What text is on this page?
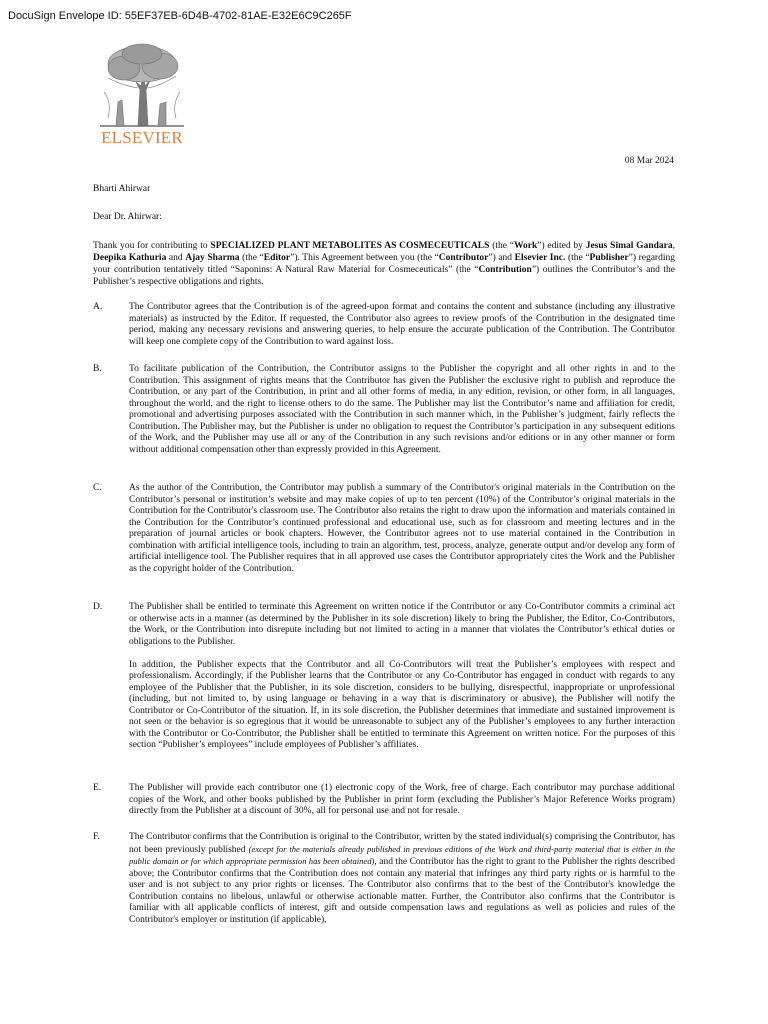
DocuSign Envelope ID: 55EF37EB-6D4B-4702-81AE-E32E6C9C265F
ELSEVIER
08 Mar 2024
Bharti Ahirwar
Dear Dr. Ahirwar:
Thank you for contributing to SPECIALIZED PLANT METABOLITES AS COSMECEUTICALS (the “Work”) edited by Jesus Simal Gandara, Deepika Kathuria and Ajay Sharma (the “Editor”). This Agreement between you (the “Contributor”) and Elsevier Inc. (the “Publisher”) regarding your contribution tentatively titled “Saponins: A Natural Raw Material for Cosmeceuticals” (the “Contribution”) outlines the Contributor’s and the Publisher’s respective obligations and rights.
A.	The Contributor agrees that the Contribution is of the agreed-upon format and contains the content and substance (including any illustrative materials) as instructed by the Editor. If requested, the Contributor also agrees to review proofs of the Contribution in the designated time period, making any necessary revisions and answering queries, to help ensure the accurate publication of the Contribution. The Contributor will keep one complete copy of the Contribution to ward against loss.
B.	To facilitate publication of the Contribution, the Contributor assigns to the Publisher the copyright and all other rights in and to the Contribution. This assignment of rights means that the Contributor has given the Publisher the exclusive right to publish and reproduce the Contribution, or any part of the Contribution, in print and all other forms of media, in any edition, revision, or other form, in all languages, throughout the world, and the right to license others to do the same. The Publisher may list the Contributor’s name and affiliation for credit, promotional and advertising purposes associated with the Contribution in such manner which, in the Publisher’s judgment, fairly reflects the Contribution. The Publisher may, but the Publisher is under no obligation to request the Contributor’s participation in any subsequent editions of the Work, and the Publisher may use all or any of the Contribution in any such revisions and/or editions or in any other manner or form without additional compensation other than expressly provided in this Agreement.
C.	As the author of the Contribution, the Contributor may publish a summary of the Contributor's original materials in the Contribution on the Contributor’s personal or institution’s website and may make copies of up to ten percent (10%) of the Contributor’s original materials in the Contribution for the Contributor's classroom use. The Contributor also retains the right to draw upon the information and materials contained in the Contribution for the Contributor’s continued professional and educational use, such as for classroom and meeting lectures and in the preparation of journal articles or book chapters. However, the Contributor agrees not to use material contained in the Contribution in combination with artificial intelligence tools, including to train an algorithm, test, process, analyze, generate output and/or develop any form of artificial intelligence tool. The Publisher requires that in all approved use cases the Contributor appropriately cites the Work and the Publisher as the copyright holder of the Contribution.
D.	The Publisher shall be entitled to terminate this Agreement on written notice if the Contributor or any Co-Contributor commits a criminal act or otherwise acts in a manner (as determined by the Publisher in its sole discretion) likely to bring the Publisher, the Editor, Co-Contributors, the Work, or the Contribution into disrepute including but not limited to acting in a manner that violates the Contributor’s ethical duties or obligations to the Publisher.
In addition, the Publisher expects that the Contributor and all Co-Contributors will treat the Publisher’s employees with respect and professionalism. Accordingly, if the Publisher learns that the Contributor or any Co-Contributor has engaged in conduct with regards to any employee of the Publisher that the Publisher, in its sole discretion, considers to be bullying, disrespectful, inappropriate or unprofessional (including, but not limited to, by using language or behaving in a way that is discriminatory or abusive), the Publisher will notify the Contributor or Co-Contributor of the situation. If, in its sole discretion, the Publisher determines that immediate and sustained improvement is not seen or the behavior is so egregious that it would be unreasonable to subject any of the Publisher’s employees to any further interaction with the Contributor or Co-Contributor, the Publisher shall be entitled to terminate this Agreement on written notice. For the purposes of this section “Publisher’s employees” include employees of Publisher’s affiliates.
E.	The Publisher will provide each contributor one (1) electronic copy of the Work, free of charge. Each contributor may purchase additional copies of the Work, and other books published by the Publisher in print form (excluding the Publisher’s Major Reference Works program) directly from the Publisher at a discount of 30%, all for personal use and not for resale.
F.	The Contributor confirms that the Contribution is original to the Contributor, written by the stated individual(s) comprising the Contributor, has not been previously published (except for the materials already published in previous editions of the Work and third-party material that is either in the public domain or for which appropriate permission has been obtained), and the Contributor has the right to grant to the Publisher the rights described above; the Contributor confirms that the Contribution does not contain any material that infringes any third party rights or is harmful to the user and is not subject to any prior rights or licenses. The Contributor also confirms that to the best of the Contributor's knowledge the Contribution contains no libelous, unlawful or otherwise actionable matter. Further, the Contributor also confirms that the Contributor is familiar with all applicable conflicts of interest, gift and outside compensation laws and regulations as well as policies and rules of the Contributor's employer or institution (if applicable),
